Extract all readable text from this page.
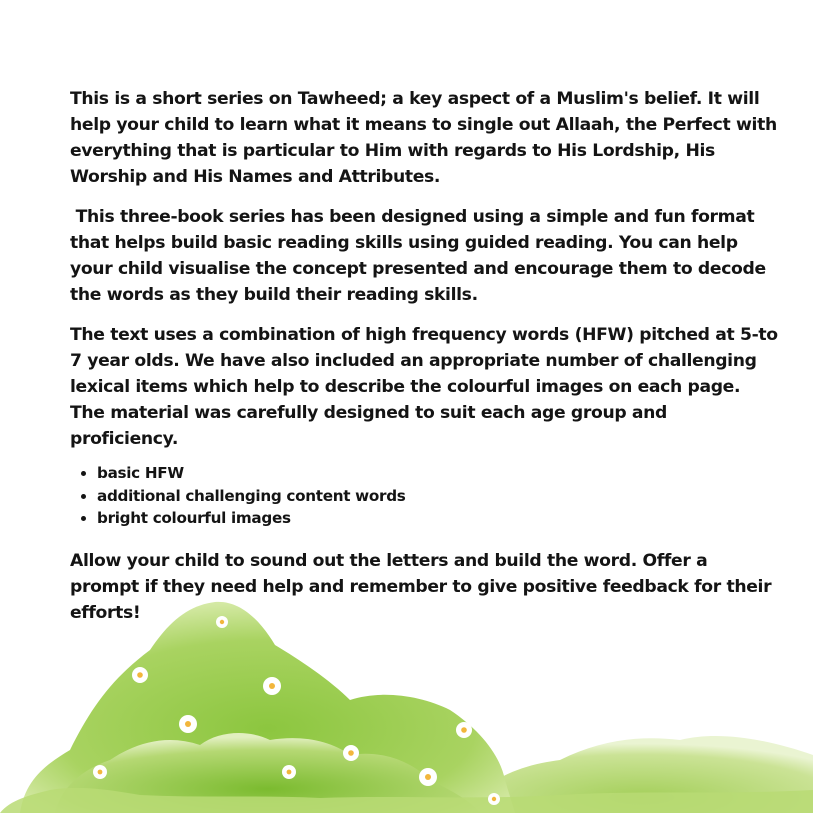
This is a short series on Tawheed; a key aspect of a Muslim's belief. It will help your child to learn what it means to single out Allaah, the Perfect with everything that is particular to Him with regards to His Lordship, His Worship and His Names and Attributes.

This three-book series has been designed using a simple and fun format that helps build basic reading skills using guided reading. You can help your child visualise the concept presented and encourage them to decode the words as they build their reading skills.

The text uses a combination of high frequency words (HFW) pitched at 5-to 7 year olds. We have also included an appropriate number of challenging lexical items which help to describe the colourful images on each page. The material was carefully designed to suit each age group and proficiency.

• basic HFW
• additional challenging content words
• bright colourful images

Allow your child to sound out the letters and build the word. Offer a prompt if they need help and remember to give positive feedback for their efforts!
